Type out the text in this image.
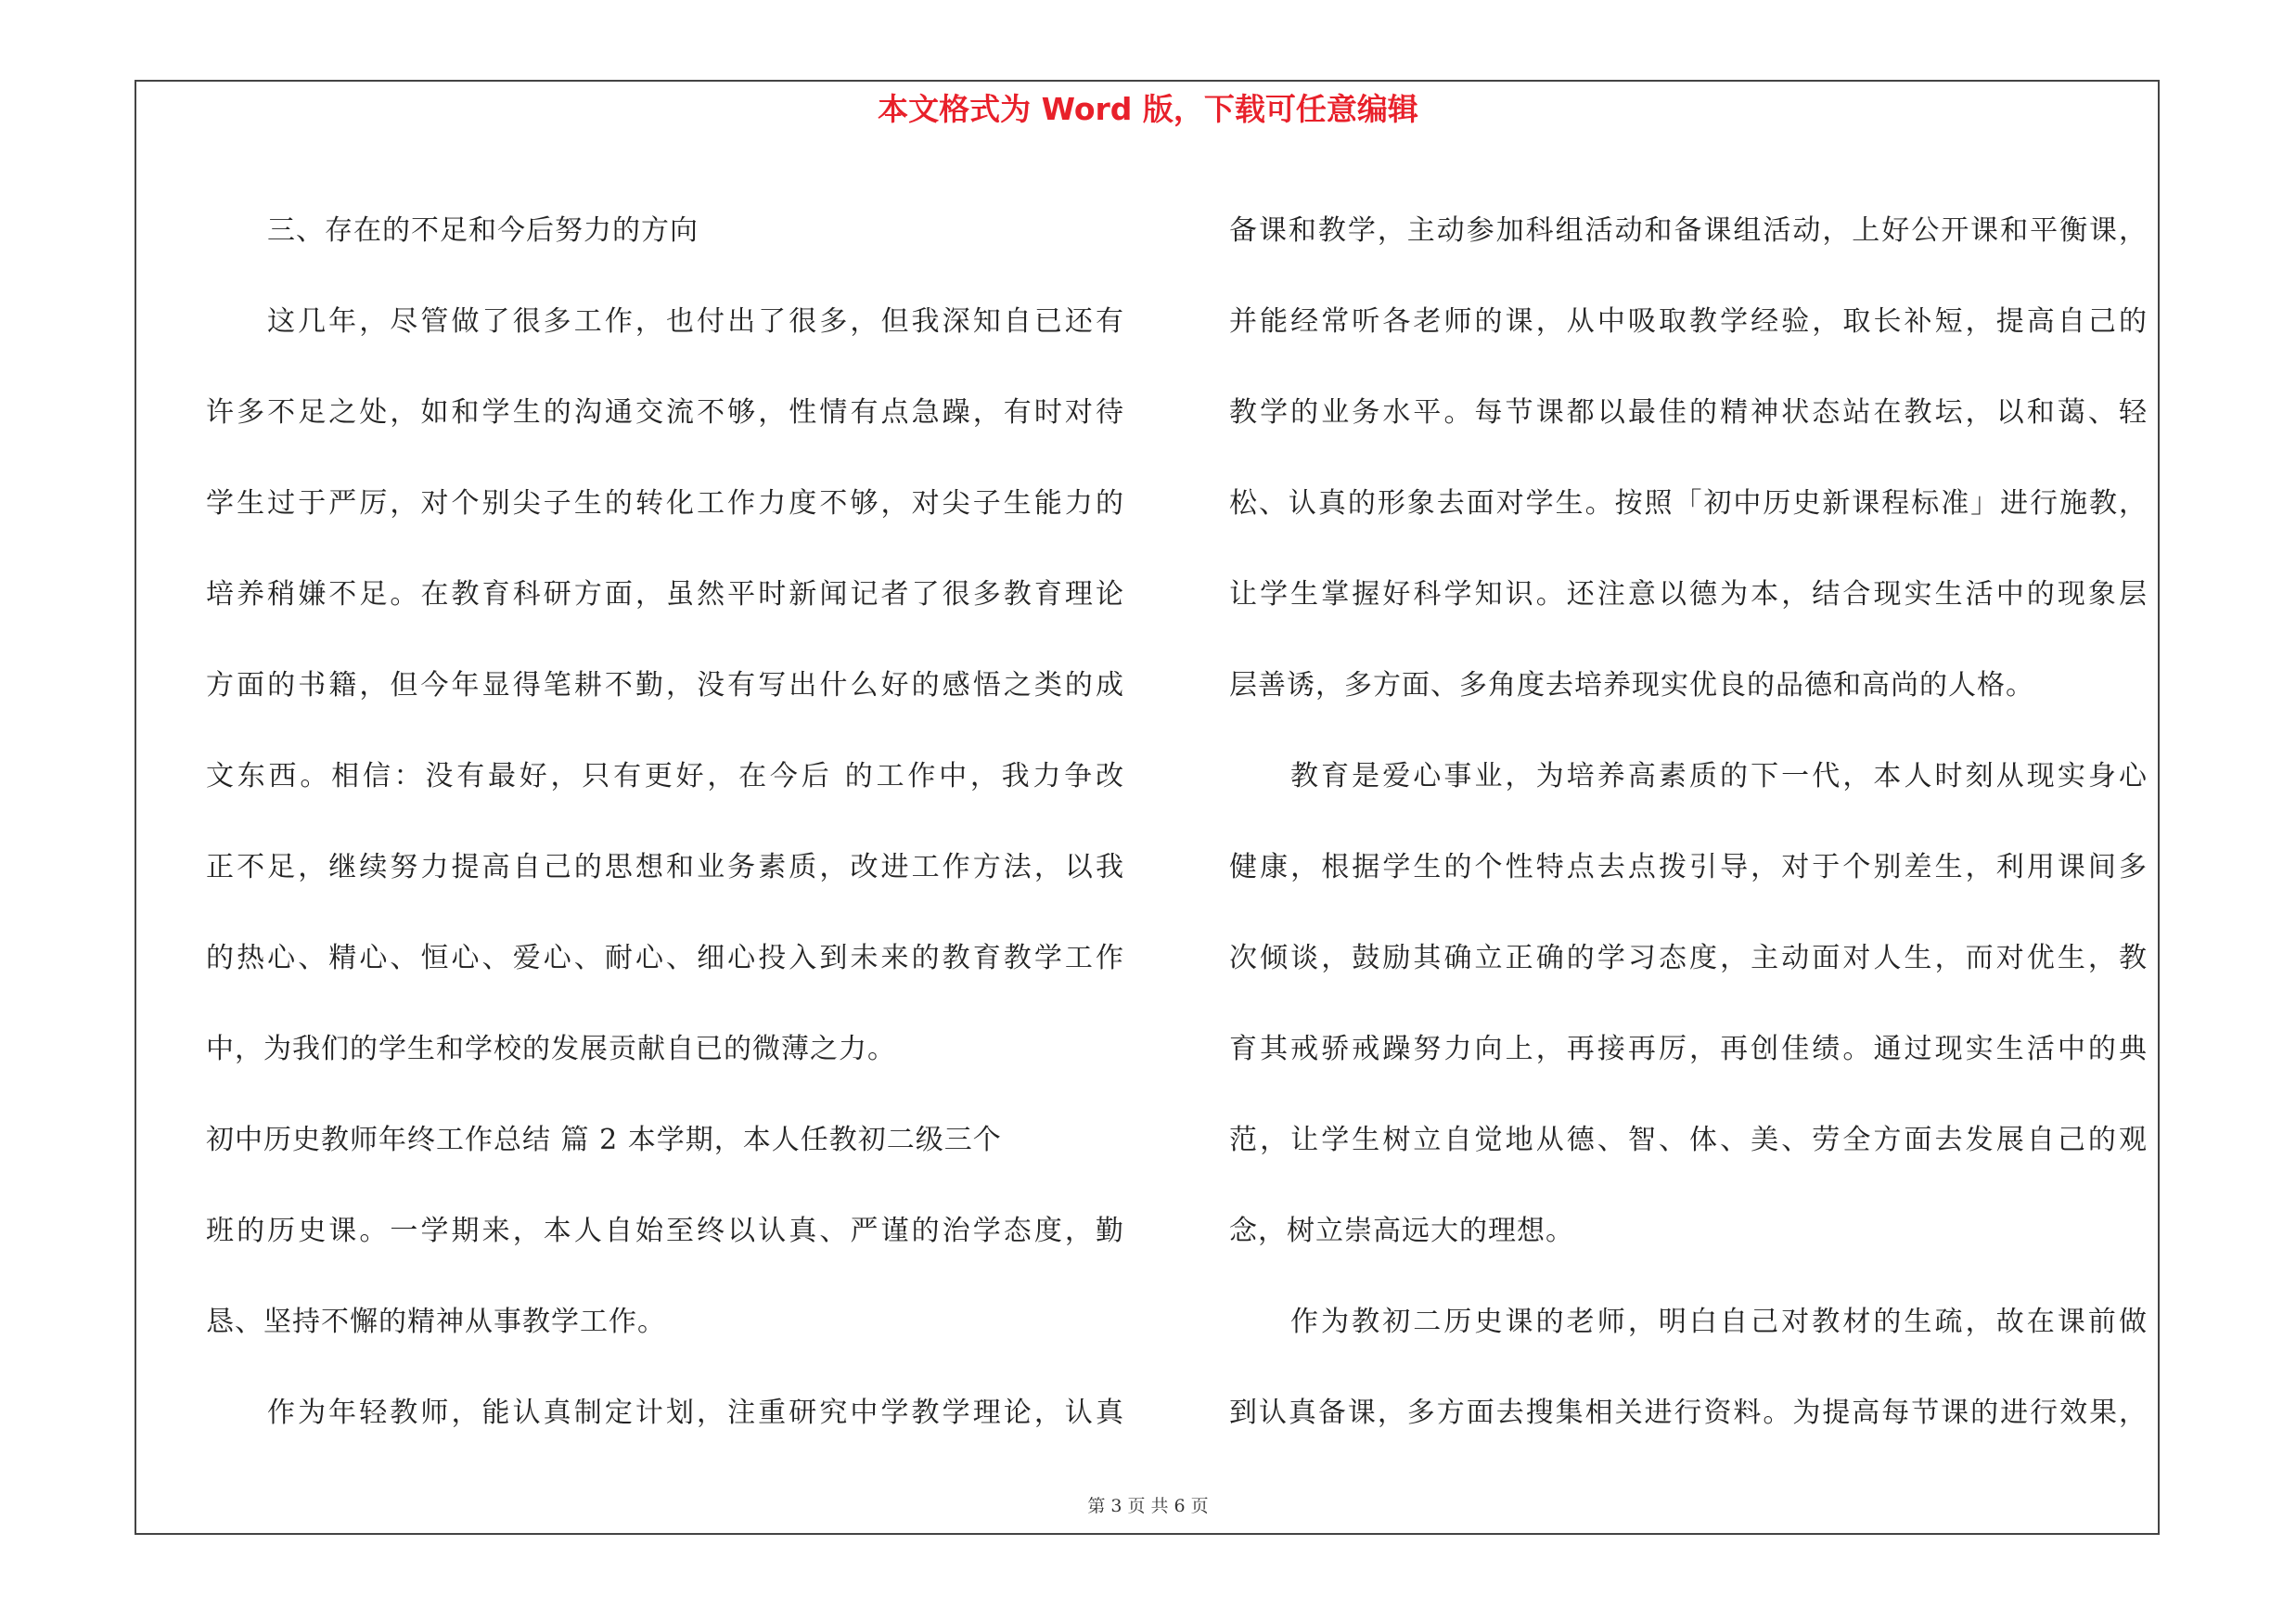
本文格式为 Word 版，下载可任意编辑
三、存在的不足和今后努力的方向
这几年，尽管做了很多工作，也付出了很多，但我深知自已还有
许多不足之处，如和学生的沟通交流不够，性情有点急躁，有时对待
学生过于严厉，对个别尖子生的转化工作力度不够，对尖子生能力的
培养稍嫌不足。在教育科研方面，虽然平时新闻记者了很多教育理论
方面的书籍，但今年显得笔耕不勤，没有写出什么好的感悟之类的成
文东西。相信：没有最好，只有更好，在今后 的工作中，我力争改
正不足，继续努力提高自己的思想和业务素质，改进工作方法，以我
的热心、精心、恒心、爱心、耐心、细心投入到未来的教育教学工作
中，为我们的学生和学校的发展贡献自已的微薄之力。
初中历史教师年终工作总结 篇 2 本学期，本人任教初二级三个
班的历史课。一学期来，本人自始至终以认真、严谨的治学态度，勤
恳、坚持不懈的精神从事教学工作。
作为年轻教师，能认真制定计划，注重研究中学教学理论，认真
备课和教学，主动参加科组活动和备课组活动，上好公开课和平衡课，
并能经常听各老师的课，从中吸取教学经验，取长补短，提高自己的
教学的业务水平。每节课都以最佳的精神状态站在教坛，以和蔼、轻
松、认真的形象去面对学生。按照「初中历史新课程标准」进行施教，
让学生掌握好科学知识。还注意以德为本，结合现实生活中的现象层
层善诱，多方面、多角度去培养现实优良的品德和高尚的人格。
教育是爱心事业，为培养高素质的下一代，本人时刻从现实身心
健康，根据学生的个性特点去点拨引导，对于个别差生，利用课间多
次倾谈，鼓励其确立正确的学习态度，主动面对人生，而对优生，教
育其戒骄戒躁努力向上，再接再厉，再创佳绩。通过现实生活中的典
范，让学生树立自觉地从德、智、体、美、劳全方面去发展自己的观
念，树立崇高远大的理想。
作为教初二历史课的老师，明白自己对教材的生疏，故在课前做
到认真备课，多方面去搜集相关进行资料。为提高每节课的进行效果，
第 3 页 共 6 页
